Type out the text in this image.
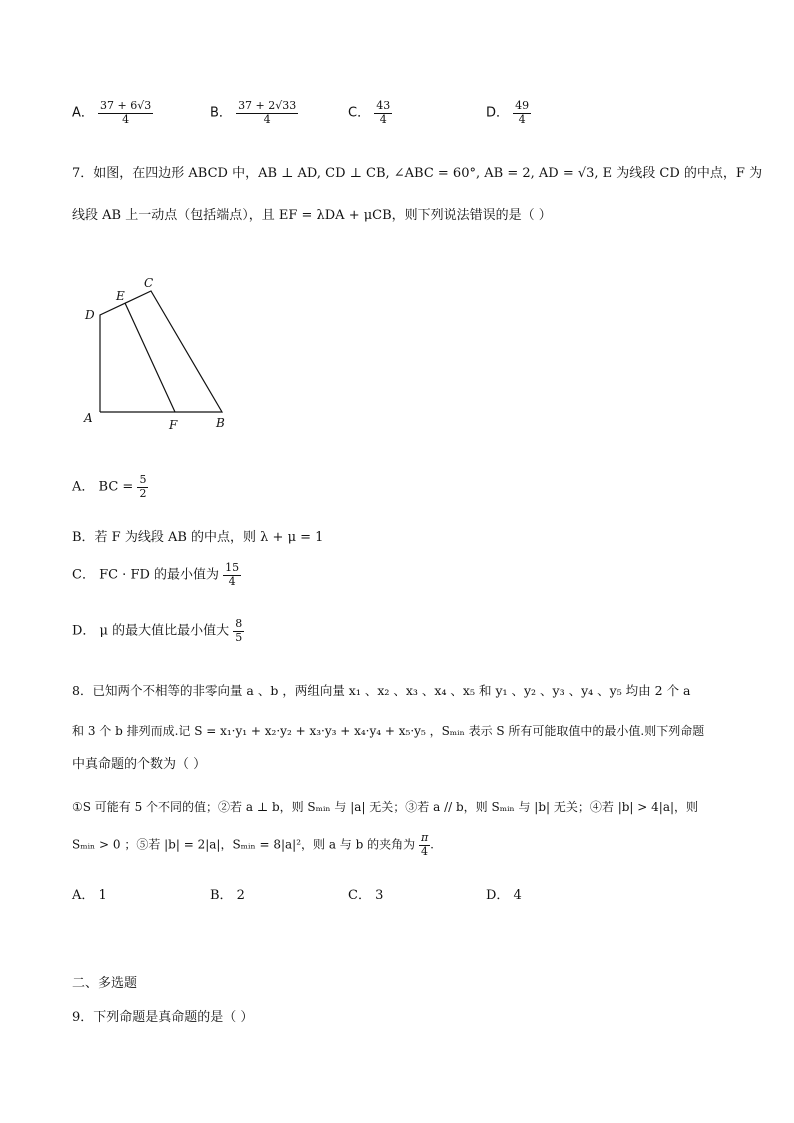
A． $\frac{37 + 6√3}{4}$	B． $\frac{37 + 2√33}{4}$	C． $\frac{43}{4}$	D． $\frac{49}{4}$
7．如图，在四边形 ABCD 中，AB ⊥ AD, CD ⊥ CB, ∠ABC = 60°, AB = 2, AD = √3, E 为线段 CD 的中点，F 为
线段 AB 上一动点（包括端点），且 EF = λDA + μCB，则下列说法错误的是（ ）
A	B
C
D
E
F
A． BC = $\frac{5}{2}$
B．若 F 为线段 AB 的中点，则 λ + μ = 1
C． FC · FD 的最小值为 $\frac{15}{4}$
D． μ 的最大值比最小值大 $\frac{8}{5}$
8．已知两个不相等的非零向量 a 、b ，两组向量 x₁ 、x₂ 、x₃ 、x₄ 、x₅ 和 y₁ 、y₂ 、y₃ 、y₄ 、y₅ 均由 2 个 a
和 3 个 b 排列而成.记 S = x₁·y₁ + x₂·y₂ + x₃·y₃ + x₄·y₄ + x₅·y₅ ，Sₘᵢₙ 表示 S 所有可能取值中的最小值.则下列命题
中真命题的个数为（ ）
①S 可能有 5 个不同的值；②若 a ⊥ b，则 Sₘᵢₙ 与 |a| 无关；③若 a // b，则 Sₘᵢₙ 与 |b| 无关；④若 |b| > 4|a|，则
Sₘᵢₙ > 0 ；⑤若 |b| = 2|a|，Sₘᵢₙ = 8|a|²，则 a 与 b 的夹角为 $\frac{\pi}{4}$ .
A． 1	B． 2	C． 3	D． 4
二、多选题
9．下列命题是真命题的是（ ）
